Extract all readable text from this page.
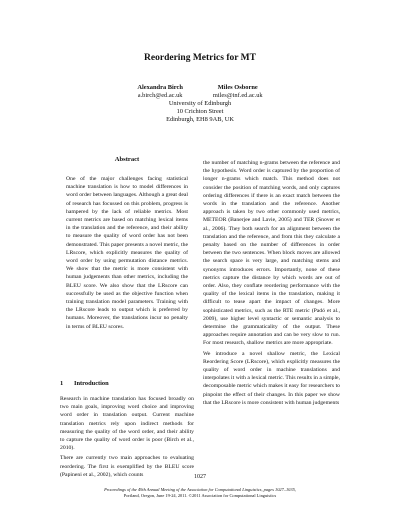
Reordering Metrics for MT
Alexandra Birch
a.birch@ed.ac.uk
Miles Osborne
miles@inf.ed.ac.uk
University of Edinburgh
10 Crichton Street
Edinburgh, EH8 9AB, UK
Abstract
One of the major challenges facing statistical machine translation is how to model differences in word order between languages. Although a great deal of research has focussed on this problem, progress is hampered by the lack of reliable metrics. Most current metrics are based on matching lexical items in the translation and the reference, and their ability to measure the quality of word order has not been demonstrated. This paper presents a novel metric, the LRscore, which explicitly measures the quality of word order by using permutation distance metrics. We show that the metric is more consistent with human judgements than other metrics, including the BLEU score. We also show that the LRscore can successfully be used as the objective function when training translation model parameters. Training with the LRscore leads to output which is preferred by humans. Moreover, the translations incur no penalty in terms of BLEU scores.
1 Introduction

Research in machine translation has focused broadly on two main goals, improving word choice and improving word order in translation output. Current machine translation metrics rely upon indirect methods for measuring the quality of the word order, and their ability to capture the quality of word order is poor (Birch et al., 2010).

There are currently two main approaches to evaluating reordering. The first is exemplified by the BLEU score (Papineni et al., 2002), which counts

the number of matching n-grams between the reference and the hypothesis. Word order is captured by the proportion of longer n-grams which match. This method does not consider the position of matching words, and only captures ordering differences if there is an exact match between the words in the translation and the reference. Another approach is taken by two other commonly used metrics, METEOR (Banerjee and Lavie, 2005) and TER (Snover et al., 2006). They both search for an alignment between the translation and the reference, and from this they calculate a penalty based on the number of differences in order between the two sentences. When block moves are allowed the search space is very large, and matching stems and synonyms introduces errors. Importantly, none of these metrics capture the distance by which words are out of order. Also, they conflate reordering performance with the quality of the lexical items in the translation, making it difficult to tease apart the impact of changes. More sophisticated metrics, such as the RTE metric (Padó et al., 2009), use higher level syntactic or semantic analysis to determine the grammaticality of the output. These approaches require annotation and can be very slow to run. For most research, shallow metrics are more appropriate.

We introduce a novel shallow metric, the Lexical Reordering Score (LRscore), which explicitly measures the quality of word order in machine translations and interpolates it with a lexical metric. This results in a simple, decomposable metric which makes it easy for researchers to pinpoint the effect of their changes. In this paper we show that the LRscore is more consistent with human judgements

1027
Proceedings of the 49th Annual Meeting of the Association for Computational Linguistics, pages 1027–1035,
Portland, Oregon, June 19-24, 2011. ©2011 Association for Computational Linguistics
